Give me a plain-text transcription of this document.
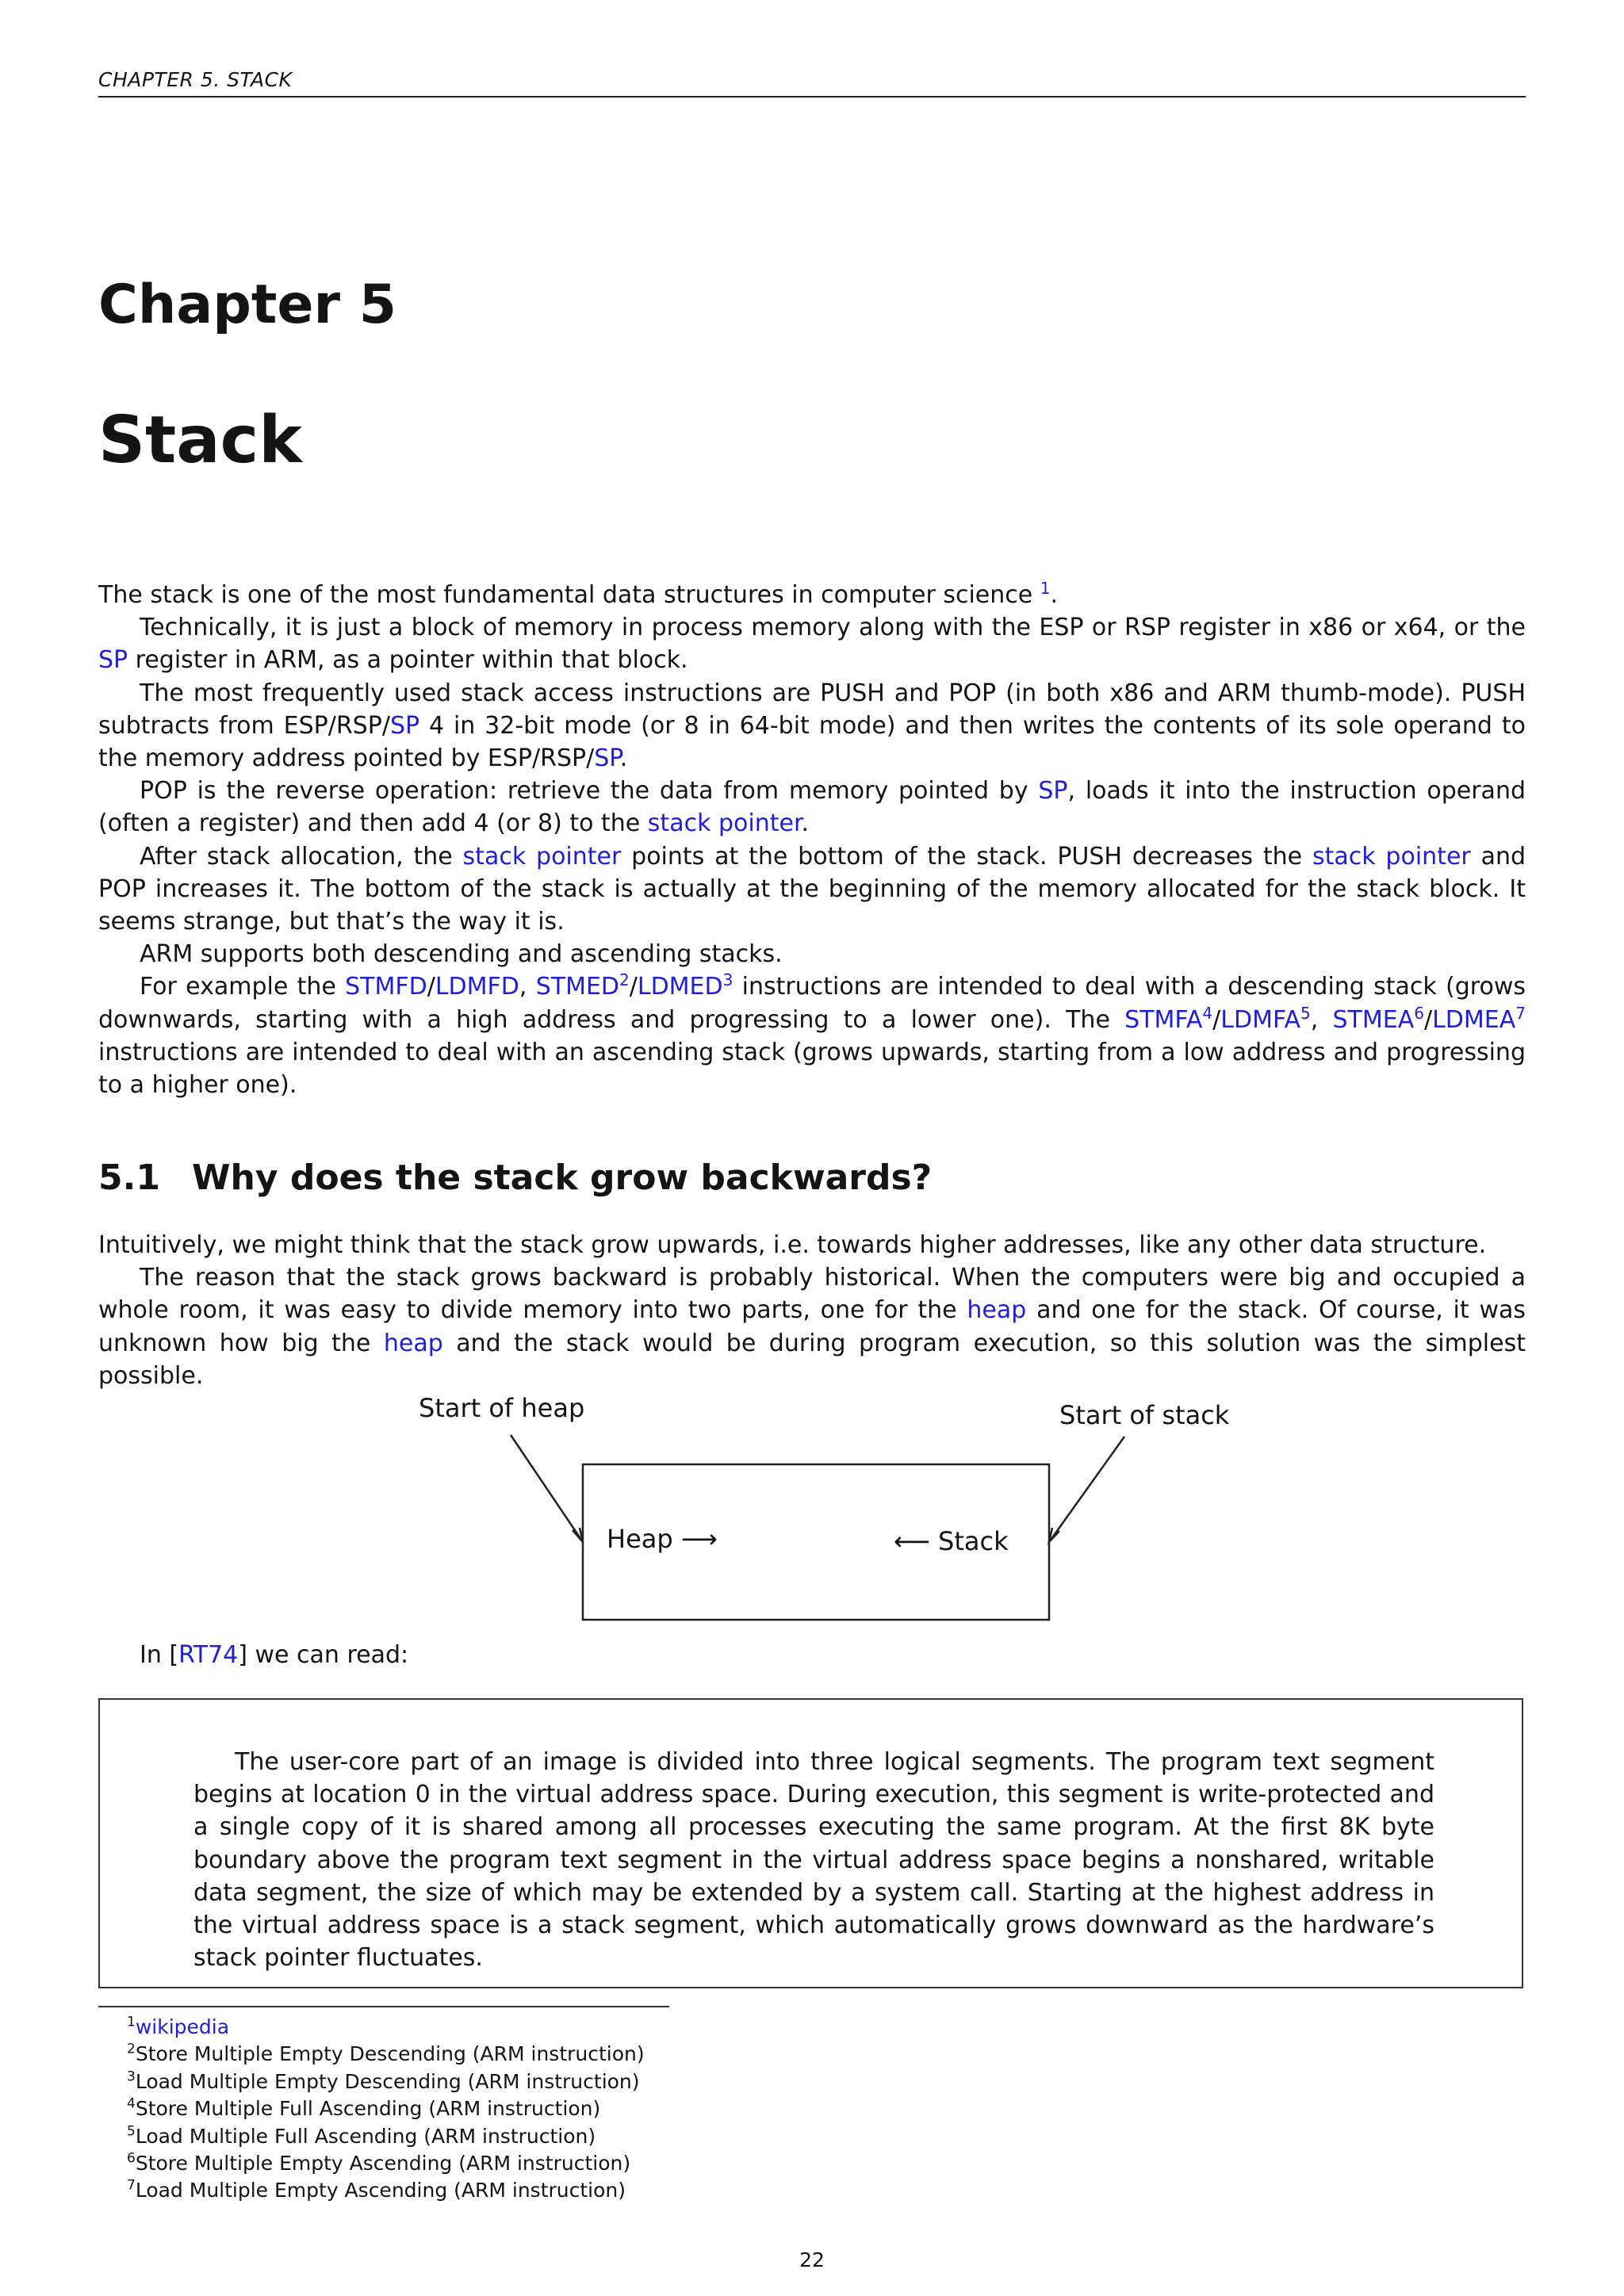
CHAPTER 5. STACK
Chapter 5
Stack

The stack is one of the most fundamental data structures in computer science $^1$.

Technically, it is just a block of memory in process memory along with the ESP or RSP register in x86 or x64, or the SP register in ARM, as a pointer within that block.

The most frequently used stack access instructions are PUSH and POP (in both x86 and ARM thumb-mode). PUSH subtracts from ESP/RSP/SP 4 in 32-bit mode (or 8 in 64-bit mode) and then writes the contents of its sole operand to the memory address pointed by ESP/RSP/SP.

POP is the reverse operation: retrieve the data from memory pointed by SP, loads it into the instruction operand (often a register) and then add 4 (or 8) to the stack pointer.

After stack allocation, the stack pointer points at the bottom of the stack. PUSH decreases the stack pointer and POP increases it. The bottom of the stack is actually at the beginning of the memory allocated for the stack block. It seems strange, but that’s the way it is.

ARM supports both descending and ascending stacks.

For example the STMFD/LDMFD, STMED$^2$/LDMED$^3$ instructions are intended to deal with a descending stack (grows downwards, starting with a high address and progressing to a lower one). The STMFA$^4$/LDMFA$^5$, STMEA$^6$/LDMEA$^7$ instructions are intended to deal with an ascending stack (grows upwards, starting from a low address and progressing to a higher one).

5.1 Why does the stack grow backwards?

Intuitively, we might think that the stack grow upwards, i.e. towards higher addresses, like any other data structure.

The reason that the stack grows backward is probably historical. When the computers were big and occupied a whole room, it was easy to divide memory into two parts, one for the heap and one for the stack. Of course, it was unknown how big the heap and the stack would be during program execution, so this solution was the simplest possible.

Start of heap	Start of stack
Heap ⟶	⟵ Stack
In [RT74] we can read:

The user-core part of an image is divided into three logical segments. The program text segment begins at location 0 in the virtual address space. During execution, this segment is write-protected and a single copy of it is shared among all processes executing the same program. At the first 8K byte boundary above the program text segment in the virtual address space begins a nonshared, writable data segment, the size of which may be extended by a system call. Starting at the highest address in the virtual address space is a stack segment, which automatically grows downward as the hardware’s stack pointer fluctuates.

$^1$wikipedia
$^2$Store Multiple Empty Descending (ARM instruction)
$^3$Load Multiple Empty Descending (ARM instruction)
$^4$Store Multiple Full Ascending (ARM instruction)
$^5$Load Multiple Full Ascending (ARM instruction)
$^6$Store Multiple Empty Ascending (ARM instruction)
$^7$Load Multiple Empty Ascending (ARM instruction)
22
